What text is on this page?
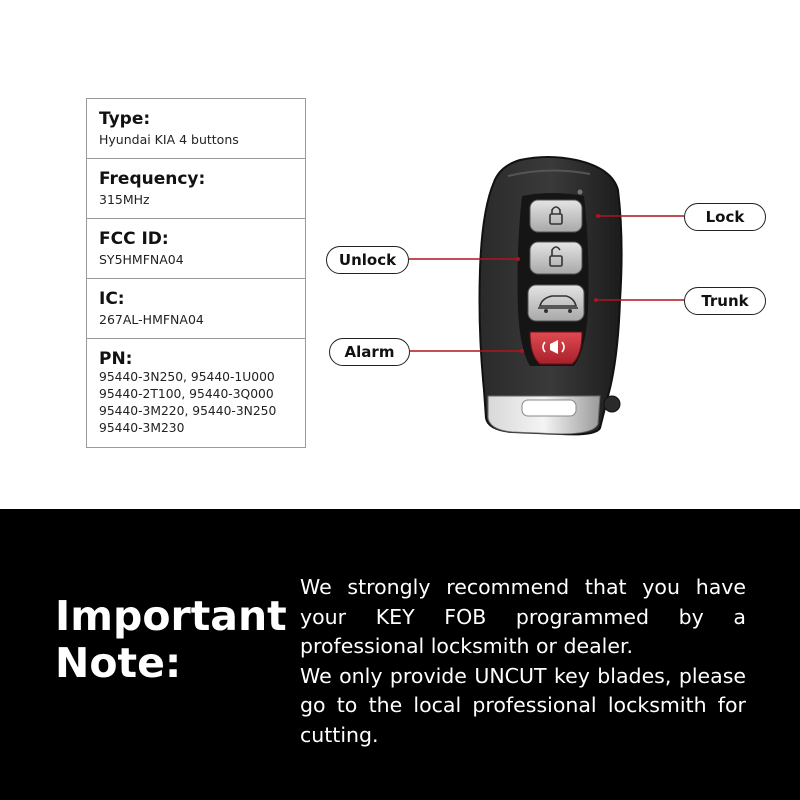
Type:
Hyundai KIA 4 buttons
Frequency:
315MHz
FCC ID:
SY5HMFNA04
IC:
267AL-HMFNA04
PN:
95440-3N250, 95440-1U000
95440-2T100, 95440-3Q000
95440-3M220, 95440-3N250
95440-3M230
Lock
Unlock
Trunk
Alarm
Important
Note:

We strongly recommend that you have your KEY FOB programmed by a professional locksmith or dealer.

We only provide UNCUT key blades, please go to the local professional locksmith for cutting.
